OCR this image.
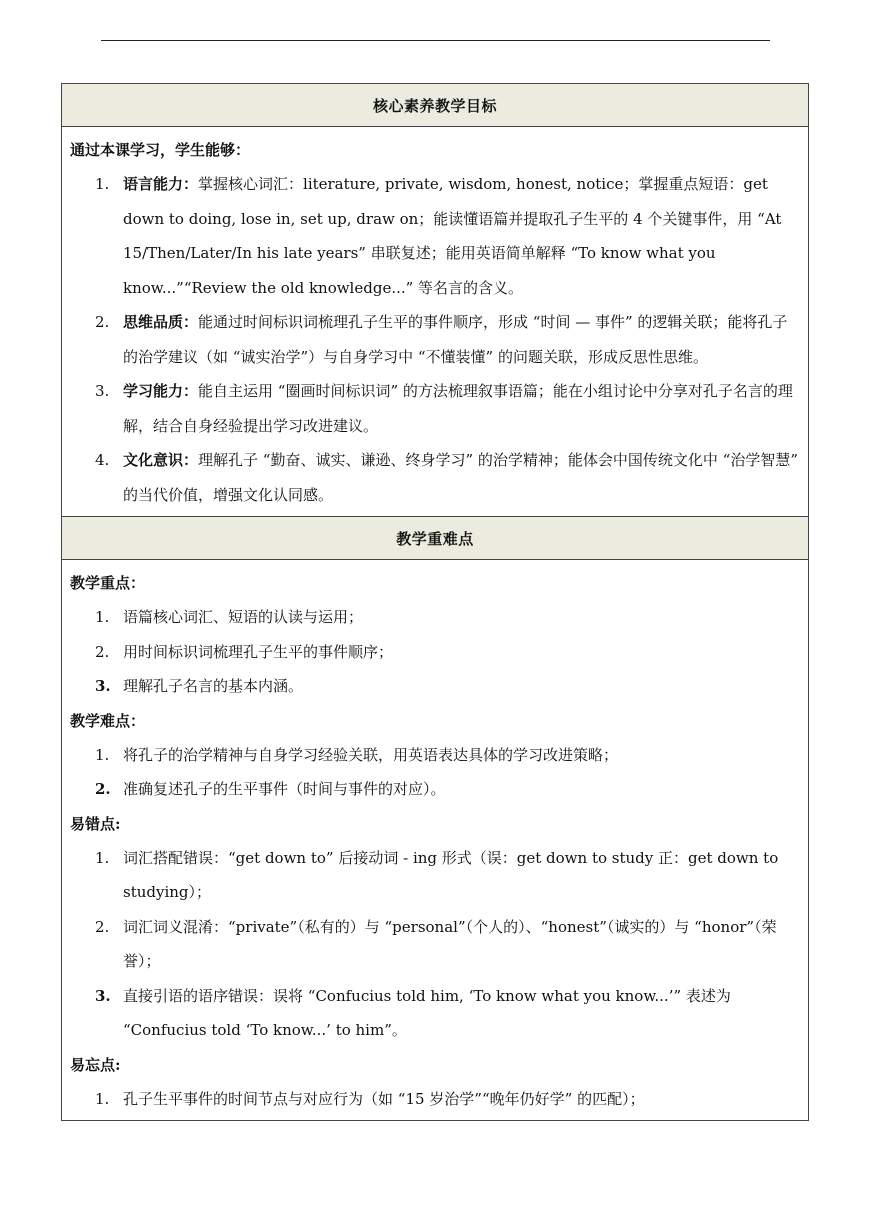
核心素养教学目标

通过本课学习，学生能够：
1. 语言能力：掌握核心词汇：literature, private, wisdom, honest, notice；掌握重点短语：get down to doing, lose in, set up, draw on；能读懂语篇并提取孔子生平的 4 个关键事件，用 “At 15/Then/Later/In his late years” 串联复述；能用英语简单解释 “To know what you know...”“Review the old knowledge...” 等名言的含义。
2. 思维品质：能通过时间标识词梳理孔子生平的事件顺序，形成 “时间 — 事件” 的逻辑关联；能将孔子的治学建议（如 “诚实治学”）与自身学习中 “不懂装懂” 的问题关联，形成反思性思维。
3. 学习能力：能自主运用 “圈画时间标识词” 的方法梳理叙事语篇；能在小组讨论中分享对孔子名言的理解，结合自身经验提出学习改进建议。
4. 文化意识：理解孔子 “勤奋、诚实、谦逊、终身学习” 的治学精神；能体会中国传统文化中 “治学智慧” 的当代价值，增强文化认同感。

教学重难点

教学重点：
1. 语篇核心词汇、短语的认读与运用；
2. 用时间标识词梳理孔子生平的事件顺序；
3. 理解孔子名言的基本内涵。
教学难点：
1. 将孔子的治学精神与自身学习经验关联，用英语表达具体的学习改进策略；
2. 准确复述孔子的生平事件（时间与事件的对应）。
易错点:
1. 词汇搭配错误：“get down to” 后接动词 - ing 形式（误：get down to study 正：get down to studying）；
2. 词汇词义混淆：“private”（私有的）与 “personal”（个人的）、“honest”（诚实的）与 “honor”（荣誉）；
3. 直接引语的语序错误：误将 “Confucius told him, ‘To know what you know...’” 表述为 “Confucius told ‘To know...’ to him”。
易忘点:
1. 孔子生平事件的时间节点与对应行为（如 “15 岁治学”“晚年仍好学” 的匹配）；
